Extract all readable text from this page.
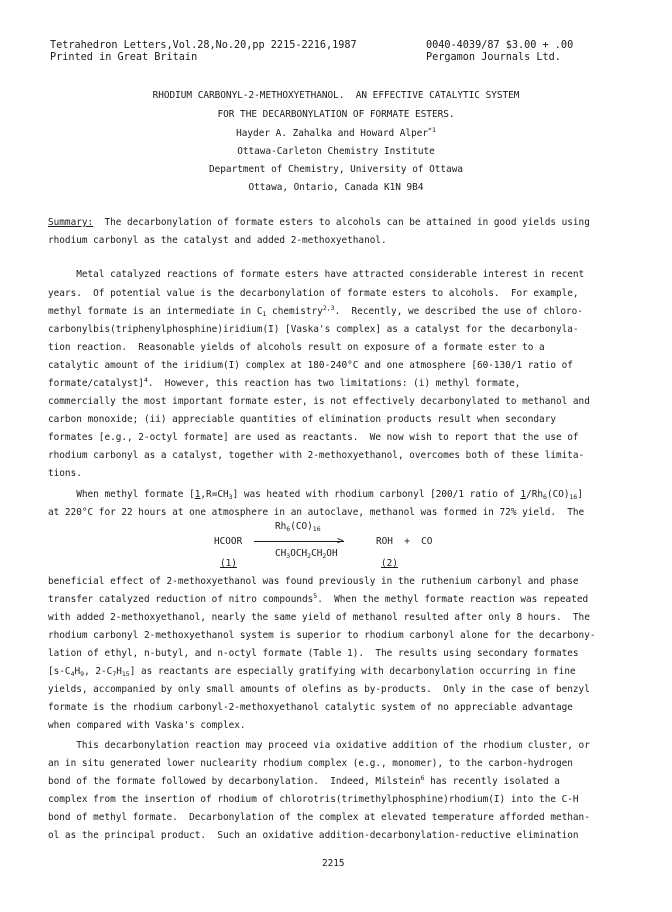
Tetrahedron Letters,Vol.28,No.20,pp 2215-2216,1987
Printed in Great Britain
0040-4039/87 $3.00 + .00
Pergamon Journals Ltd.
RHODIUM CARBONYL-2-METHOXYETHANOL.  AN EFFECTIVE CATALYTIC SYSTEM
FOR THE DECARBONYLATION OF FORMATE ESTERS.
Hayder A. Zahalka and Howard Alper$^{*1}$
Ottawa-Carleton Chemistry Institute
Department of Chemistry, University of Ottawa
Ottawa, Ontario, Canada K1N 9B4
Summary:  The decarbonylation of formate esters to alcohols can be attained in good yields using
rhodium carbonyl as the catalyst and added 2-methoxyethanol.
Metal catalyzed reactions of formate esters have attracted considerable interest in recent
years.  Of potential value is the decarbonylation of formate esters to alcohols.  For example,
methyl formate is an intermediate in $C_1$ chemistry$^{2,3}$.  Recently, we described the use of chloro-
carbonylbis(triphenylphosphine)iridium(I) [Vaska's complex] as a catalyst for the decarbonyla-
tion reaction.  Reasonable yields of alcohols result on exposure of a formate ester to a
catalytic amount of the iridium(I) complex at 180-240°C and one atmosphere [60-130/1 ratio of
formate/catalyst]$^4$.  However, this reaction has two limitations: (i) methyl formate,
commercially the most important formate ester, is not effectively decarbonylated to methanol and
carbon monoxide; (ii) appreciable quantities of elimination products result when secondary
formates [e.g., 2-octyl formate] are used as reactants.  We now wish to report that the use of
rhodium carbonyl as a catalyst, together with 2-methoxyethanol, overcomes both of these limita-
tions.
When methyl formate $[1,R=CH_3]$ was heated with rhodium carbonyl [200/1 ratio of $1/Rh_6(CO)_{16}$]
at 220°C for 22 hours at one atmosphere in an autoclave, methanol was formed in 72% yield.  The
HCOOR
$Rh_6(CO)_{16}$
>
$CH_3OCH_2CH_2OH$
ROH  +  CO
(1)	(2)
beneficial effect of 2-methoxyethanol was found previously in the ruthenium carbonyl and phase
transfer catalyzed reduction of nitro compounds$^5$.  When the methyl formate reaction was repeated
with added 2-methoxyethanol, nearly the same yield of methanol resulted after only 8 hours.  The
rhodium carbonyl 2-methoxyethanol system is superior to rhodium carbonyl alone for the decarbony-
lation of ethyl, n-butyl, and n-octyl formate (Table 1).  The results using secondary formates
[$s-C_4H_9$, $2-C_7H_{15}$] as reactants are especially gratifying with decarbonylation occurring in fine
yields, accompanied by only small amounts of olefins as by-products.  Only in the case of benzyl
formate is the rhodium carbonyl-2-methoxyethanol catalytic system of no appreciable advantage
when compared with Vaska's complex.
This decarbonylation reaction may proceed via oxidative addition of the rhodium cluster, or
an in situ generated lower nuclearity rhodium complex (e.g., monomer), to the carbon-hydrogen
bond of the formate followed by decarbonylation.  Indeed, Milstein$^6$ has recently isolated a
complex from the insertion of rhodium of chlorotris(trimethylphosphine)rhodium(I) into the C-H
bond of methyl formate.  Decarbonylation of the complex at elevated temperature afforded methan-
ol as the principal product.  Such an oxidative addition-decarbonylation-reductive elimination
2215
